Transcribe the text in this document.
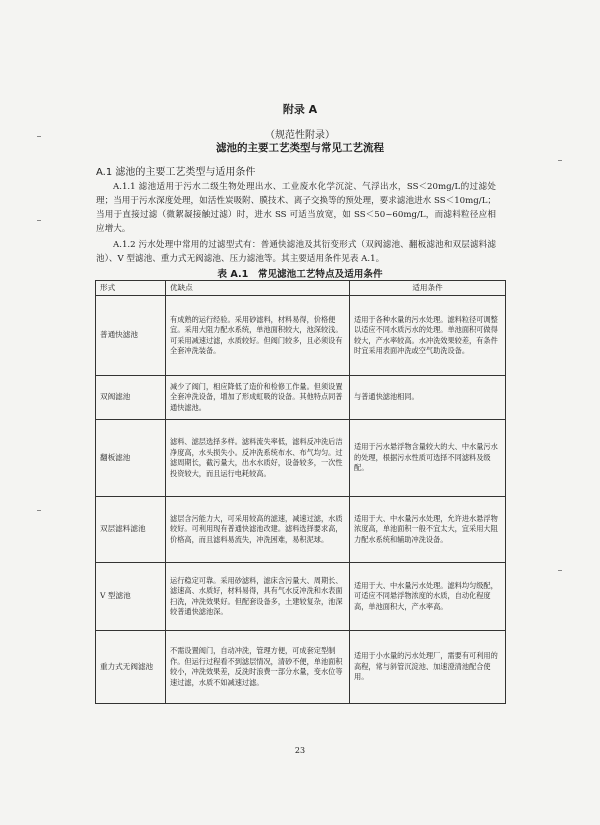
附录 A
（规范性附录）
滤池的主要工艺类型与常见工艺流程
A.1 滤池的主要工艺类型与适用条件
A.1.1 滤池适用于污水二级生物处理出水、工业废水化学沉淀、气浮出水，SS＜20mg/L的过滤处理；当用于污水深度处理，如活性炭吸附、膜技术、离子交换等的预处理，要求滤池进水 SS＜10mg/L；当用于直接过滤（微絮凝接触过滤）时，进水 SS 可适当放宽，如 SS＜50~60mg/L，而滤料粒径应相应增大。
A.1.2 污水处理中常用的过滤型式有：普通快滤池及其衍变形式（双阀滤池、翻板滤池和双层滤料滤池）、V 型滤池、重力式无阀滤池、压力滤池等。其主要适用条件见表 A.1。
表 A.1　常见滤池工艺特点及适用条件
形式	优缺点	适用条件
普通快滤池	有成熟的运行经验。采用砂滤料，材料易得，价格便宜。采用大阻力配水系统，单池面积较大，池深较浅。可采用减速过滤，水质较好。但阀门较多，且必须设有全套冲洗装备。	适用于各种水量的污水处理。滤料粒径可调整以适应不同水质污水的处理。单池面积可做得较大，产水率较高。水冲洗效果较差，有条件时宜采用表面冲洗或空气助洗设备。
双阀滤池	减少了阀门，相应降低了造价和检修工作量。但须设置全套冲洗设备，增加了形成虹吸的设备。其他特点同普通快滤池。	与普通快滤池相同。
翻板滤池	滤料、滤层选择多样。滤料流失率低，滤料反冲洗后洁净度高，水头损失小。反冲洗系统布水、布气均匀。过滤周期长，截污量大，出水水质好，设备较多，一次性投资较大，而且运行电耗较高。	适用于污水悬浮物含量较大的大、中水量污水的处理，根据污水性质可选择不同滤料及级配。
双层滤料滤池	滤层含污能力大，可采用较高的滤速，减速过滤，水质较好。可利用现有普通快滤池改建。滤料选择要求高，价格高，而且滤料易流失，冲洗困难，易积泥球。	适用于大、中水量污水处理，允许进水悬浮物浓度高，单池面积一般不宜太大，宜采用大阻力配水系统和辅助冲洗设备。
V 型滤池	运行稳定可靠。采用砂滤料，滤床含污量大、周期长、滤速高、水质好，材料易得，具有气水反冲洗和水表面扫洗，冲洗效果好。但配套设备多，土建较复杂，池深较普通快滤池深。	适用于大、中水量污水处理。滤料均匀级配，可适应不同悬浮物浓度的水质，自动化程度高，单池面积大，产水率高。
重力式无阀滤池	不需设置阀门，自动冲洗，管理方便，可成套定型制作。但运行过程看不到滤层情况，清砂不便，单池面积较小，冲洗效果差，反洗时浪费一部分水量，变水位等速过滤，水质不如减速过滤。	适用于小水量的污水处理厂，需要有可利用的高程，常与斜管沉淀池、加速澄清池配合使用。
23
